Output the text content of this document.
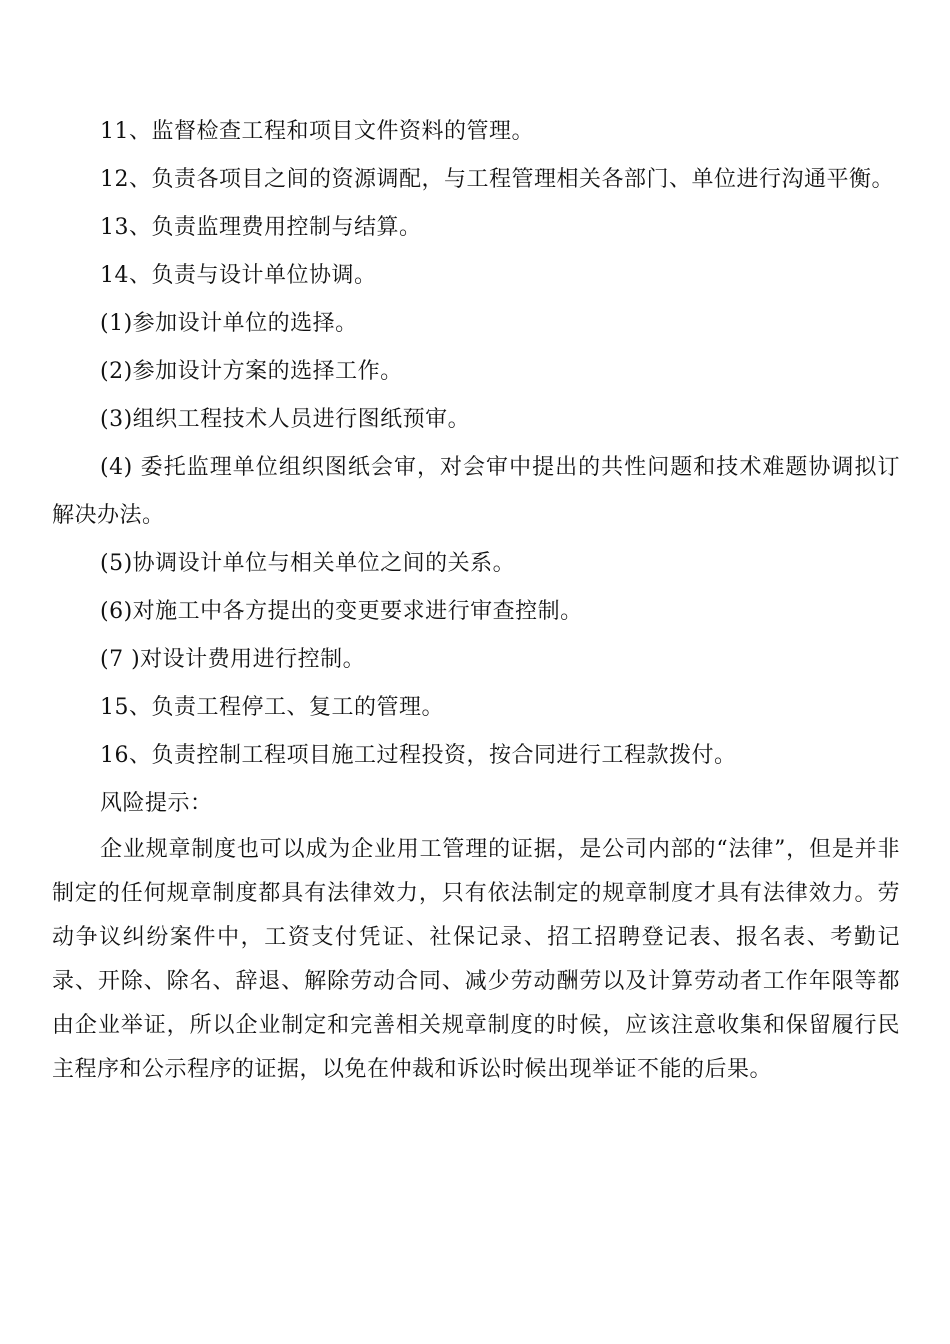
11、监督检查工程和项目文件资料的管理。

12、负责各项目之间的资源调配，与工程管理相关各部门、单位进行沟通平衡。

13、负责监理费用控制与结算。

14、负责与设计单位协调。

(1)参加设计单位的选择。

(2)参加设计方案的选择工作。

(3)组织工程技术人员进行图纸预审。

(4) 委托监理单位组织图纸会审，对会审中提出的共性问题和技术难题协调拟订解决办法。

(5)协调设计单位与相关单位之间的关系。

(6)对施工中各方提出的变更要求进行审查控制。

(7 )对设计费用进行控制。

15、负责工程停工、复工的管理。

16、负责控制工程项目施工过程投资，按合同进行工程款拨付。

风险提示：

企业规章制度也可以成为企业用工管理的证据，是公司内部的“法律”，但是并非制定的任何规章制度都具有法律效力，只有依法制定的规章制度才具有法律效力。劳动争议纠纷案件中，工资支付凭证、社保记录、招工招聘登记表、报名表、考勤记录、开除、除名、辞退、解除劳动合同、减少劳动酬劳以及计算劳动者工作年限等都由企业举证，所以企业制定和完善相关规章制度的时候，应该注意收集和保留履行民主程序和公示程序的证据，以免在仲裁和诉讼时候出现举证不能的后果。
